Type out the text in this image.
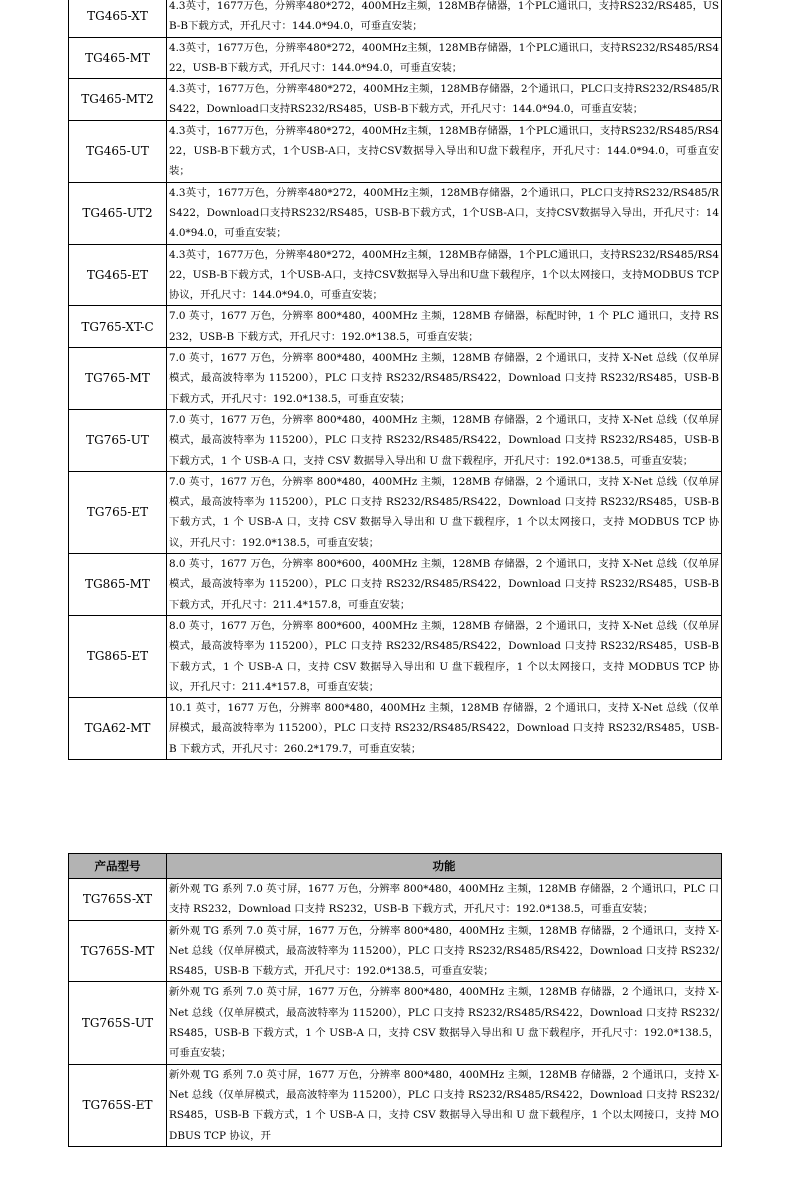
TG465-XT	4.3英寸，1677万色，分辨率480*272，400MHz主频，128MB存储器，1个PLC通讯口，支持RS232/RS485，USB-B下载方式，开孔尺寸：144.0*94.0，可垂直安装；
TG465-MT	4.3英寸，1677万色，分辨率480*272，400MHz主频，128MB存储器，1个PLC通讯口，支持RS232/RS485/RS422，USB-B下载方式，开孔尺寸：144.0*94.0，可垂直安装；
TG465-MT2	4.3英寸，1677万色，分辨率480*272，400MHz主频，128MB存储器，2个通讯口，PLC口支持RS232/RS485/RS422，Download口支持RS232/RS485，USB-B下载方式，开孔尺寸：144.0*94.0，可垂直安装；
TG465-UT	4.3英寸，1677万色，分辨率480*272，400MHz主频，128MB存储器，1个PLC通讯口，支持RS232/RS485/RS422，USB-B下载方式，1个USB-A口，支持CSV数据导入导出和U盘下载程序，开孔尺寸：144.0*94.0，可垂直安装；
TG465-UT2	4.3英寸，1677万色，分辨率480*272，400MHz主频，128MB存储器，2个通讯口，PLC口支持RS232/RS485/RS422，Download口支持RS232/RS485，USB-B下载方式，1个USB-A口，支持CSV数据导入导出，开孔尺寸：144.0*94.0，可垂直安装；
TG465-ET	4.3英寸，1677万色，分辨率480*272，400MHz主频，128MB存储器，1个PLC通讯口，支持RS232/RS485/RS422，USB-B下载方式，1个USB-A口，支持CSV数据导入导出和U盘下载程序，1个以太网接口，支持MODBUS TCP协议，开孔尺寸：144.0*94.0，可垂直安装；
TG765-XT-C	7.0 英寸，1677 万色，分辨率 800*480，400MHz 主频，128MB 存储器，标配时钟，1 个 PLC 通讯口，支持 RS232，USB-B 下载方式，开孔尺寸：192.0*138.5，可垂直安装；
TG765-MT	7.0 英寸，1677 万色，分辨率 800*480，400MHz 主频，128MB 存储器，2 个通讯口，支持 X-Net 总线（仅单屏模式，最高波特率为 115200），PLC 口支持 RS232/RS485/RS422，Download 口支持 RS232/RS485，USB-B 下载方式，开孔尺寸：192.0*138.5，可垂直安装；
TG765-UT	7.0 英寸，1677 万色，分辨率 800*480，400MHz 主频，128MB 存储器，2 个通讯口，支持 X-Net 总线（仅单屏模式，最高波特率为 115200），PLC 口支持 RS232/RS485/RS422，Download 口支持 RS232/RS485，USB-B 下载方式，1 个 USB-A 口，支持 CSV 数据导入导出和 U 盘下载程序，开孔尺寸：192.0*138.5，可垂直安装；
TG765-ET	7.0 英寸，1677 万色，分辨率 800*480，400MHz 主频，128MB 存储器，2 个通讯口，支持 X-Net 总线（仅单屏模式，最高波特率为 115200），PLC 口支持 RS232/RS485/RS422，Download 口支持 RS232/RS485，USB-B 下载方式，1 个 USB-A 口，支持 CSV 数据导入导出和 U 盘下载程序，1 个以太网接口，支持 MODBUS TCP 协议，开孔尺寸：192.0*138.5，可垂直安装；
TG865-MT	8.0 英寸，1677 万色，分辨率 800*600，400MHz 主频，128MB 存储器，2 个通讯口，支持 X-Net 总线（仅单屏模式，最高波特率为 115200），PLC 口支持 RS232/RS485/RS422，Download 口支持 RS232/RS485，USB-B 下载方式，开孔尺寸：211.4*157.8，可垂直安装；
TG865-ET	8.0 英寸，1677 万色，分辨率 800*600，400MHz 主频，128MB 存储器，2 个通讯口，支持 X-Net 总线（仅单屏模式，最高波特率为 115200），PLC 口支持 RS232/RS485/RS422，Download 口支持 RS232/RS485，USB-B 下载方式，1 个 USB-A 口，支持 CSV 数据导入导出和 U 盘下载程序，1 个以太网接口，支持 MODBUS TCP 协议，开孔尺寸：211.4*157.8，可垂直安装；
TGA62-MT	10.1 英寸，1677 万色，分辨率 800*480，400MHz 主频，128MB 存储器，2 个通讯口，支持 X-Net 总线（仅单屏模式，最高波特率为 115200），PLC 口支持 RS232/RS485/RS422，Download 口支持 RS232/RS485，USB-B 下载方式，开孔尺寸：260.2*179.7，可垂直安装；
产品型号	功能
TG765S-XT	新外观 TG 系列 7.0 英寸屏，1677 万色，分辨率 800*480，400MHz 主频，128MB 存储器，2 个通讯口，PLC 口支持 RS232，Download 口支持 RS232，USB-B 下载方式，开孔尺寸：192.0*138.5，可垂直安装；
TG765S-MT	新外观 TG 系列 7.0 英寸屏，1677 万色，分辨率 800*480，400MHz 主频，128MB 存储器，2 个通讯口，支持 X-Net 总线（仅单屏模式，最高波特率为 115200），PLC 口支持 RS232/RS485/RS422，Download 口支持 RS232/RS485，USB-B 下载方式，开孔尺寸：192.0*138.5，可垂直安装；
TG765S-UT	新外观 TG 系列 7.0 英寸屏，1677 万色，分辨率 800*480，400MHz 主频，128MB 存储器，2 个通讯口，支持 X-Net 总线（仅单屏模式，最高波特率为 115200），PLC 口支持 RS232/RS485/RS422，Download 口支持 RS232/RS485，USB-B 下载方式，1 个 USB-A 口，支持 CSV 数据导入导出和 U 盘下载程序，开孔尺寸：192.0*138.5，可垂直安装；
TG765S-ET	新外观 TG 系列 7.0 英寸屏，1677 万色，分辨率 800*480，400MHz 主频，128MB 存储器，2 个通讯口，支持 X-Net 总线（仅单屏模式，最高波特率为 115200），PLC 口支持 RS232/RS485/RS422，Download 口支持 RS232/RS485，USB-B 下载方式，1 个 USB-A 口，支持 CSV 数据导入导出和 U 盘下载程序，1 个以太网接口，支持 MODBUS TCP 协议，开
